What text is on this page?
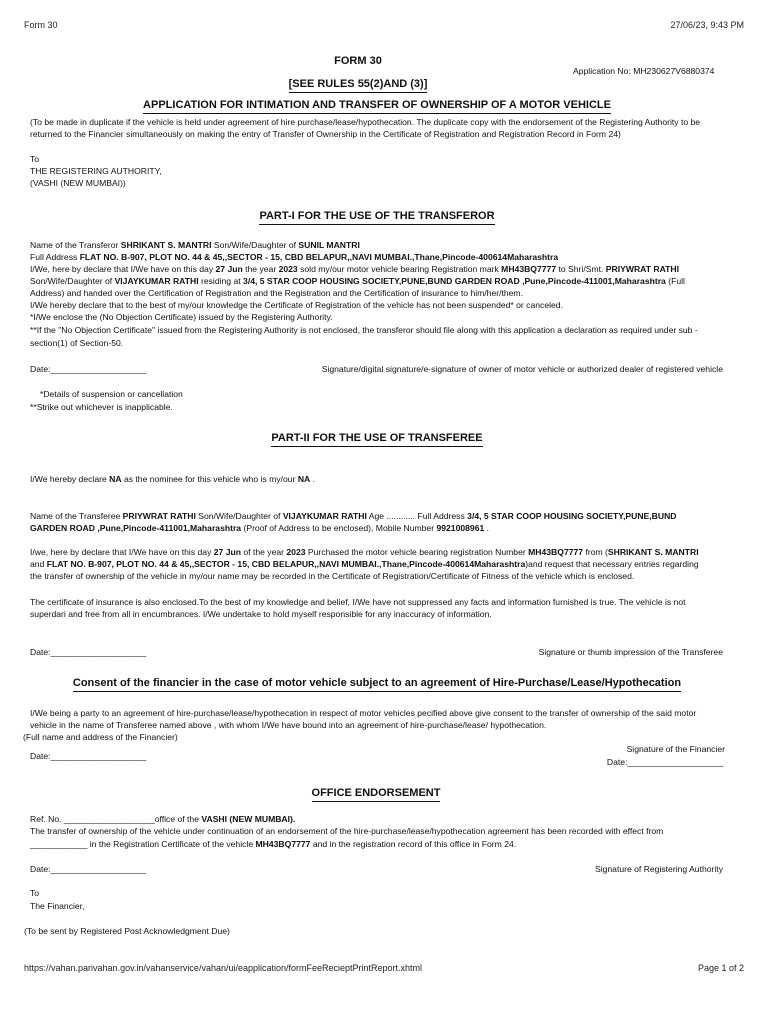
Form 30	27/06/23, 9:43 PM
FORM 30
Application No: MH230627V6880374
[SEE RULES 55(2)AND (3)]
APPLICATION FOR INTIMATION AND TRANSFER OF OWNERSHIP OF A MOTOR VEHICLE
(To be made in duplicate if the vehicle is held under agreement of hire purchase/lease/hypothecation. The duplicate copy with the endorsement of the Registering Authority to be
returned to the Financier simultaneously on making the entry of Transfer of Ownership in the Certificate of Registration and Registration Record in Form 24)
To
THE REGISTERING AUTHORITY,
(VASHI (NEW MUMBAI))
PART-I FOR THE USE OF THE TRANSFEROR
Name of the Transferor SHRIKANT S. MANTRI Son/Wife/Daughter of SUNIL MANTRI
Full Address FLAT NO. B-907, PLOT NO. 44 & 45,,SECTOR - 15, CBD BELAPUR,,NAVI MUMBAI.,Thane,Pincode-400614Maharashtra
I/We, here by declare that I/We have on this day 27 Jun the year 2023 sold my/our motor vehicle bearing Registration mark MH43BQ7777 to Shri/Smt. PRIYWRAT RATHI
Son/Wife/Daughter of VIJAYKUMAR RATHI residing at 3/4, 5 STAR COOP HOUSING SOCIETY,PUNE,BUND GARDEN ROAD ,Pune,Pincode-411001,Maharashtra (Full
Address) and handed over the Certification of Registration and the Registration and the Certification of insurance to him/her/them.
I/We hereby declare that to the best of my/our knowledge the Certificate of Registration of the vehicle has not been suspended* or canceled.
*I/We enclose the (No Objection Certificate) issued by the Registering Authority.
**If the "No Objection Certificate" issued from the Registering Authority is not enclosed, the transferor should file along with this application a declaration as required under sub -
section(1) of Section-50.
Date:____________________	Signature/digital signature/e-signature of owner of motor vehicle or authorized dealer of registered vehicle
*Details of suspension or cancellation
**Strike out whichever is inapplicable.
PART-II FOR THE USE OF TRANSFEREE
I/We hereby declare NA as the nominee for this vehicle who is my/our NA .
Name of the Transferee PRIYWRAT RATHI Son/Wife/Daughter of VIJAYKUMAR RATHI Age ............ Full Address 3/4, 5 STAR COOP HOUSING SOCIETY,PUNE,BUND
GARDEN ROAD ,Pune,Pincode-411001,Maharashtra (Proof of Address to be enclosed), Mobile Number 9921008961 .
I/we, here by declare that I/We have on this day 27 Jun of the year 2023 Purchased the motor vehicle bearing registration Number MH43BQ7777 from (SHRIKANT S. MANTRI
and FLAT NO. B-907, PLOT NO. 44 & 45,,SECTOR - 15, CBD BELAPUR,,NAVI MUMBAI.,Thane,Pincode-400614Maharashtra)and request that necessary entries regarding
the transfer of ownership of the vehicle in my/our name may be recorded in the Certificate of Registration/Certificate of Fitness of the vehicle which is enclosed.
The certificate of insurance is also enclosed.To the best of my knowledge and belief, I/We have not suppressed any facts and information furnished is true. The vehicle is not
superdari and free from all in encumbrances. I/We undertake to hold myself responsible for any inaccuracy of information.
Date:____________________	Signature or thumb impression of the Transferee
Consent of the financier in the case of motor vehicle subject to an agreement of Hire-Purchase/Lease/Hypothecation
I/We being a party to an agreement of hire-purchase/lease/hypothecation in respect of motor vehicles pecified above give consent to the transfer of ownership of the said motor
vehicle in the name of Transferee named above , with whom I/We have bound into an agreement of hire-purchase/lease/ hypothecation.
(Full name and address of the Financier)
Date:____________________
Signature of the Financier
Date:____________________
OFFICE ENDORSEMENT
Ref. No. ___________________office of the VASHI (NEW MUMBAI).
The transfer of ownership of the vehicle under continuation of an endorsement of the hire-purchase/lease/hypothecation agreement has been recorded with effect from
____________ in the Registration Certificate of the vehicle MH43BQ7777 and in the registration record of this office in Form 24.
Date:____________________	Signature of Registering Authority
To
The Financier,
(To be sent by Registered Post Acknowledgment Due)
https://vahan.parivahan.gov.in/vahanservice/vahan/ui/eapplication/formFeeRecieptPrintReport.xhtml	Page 1 of 2
